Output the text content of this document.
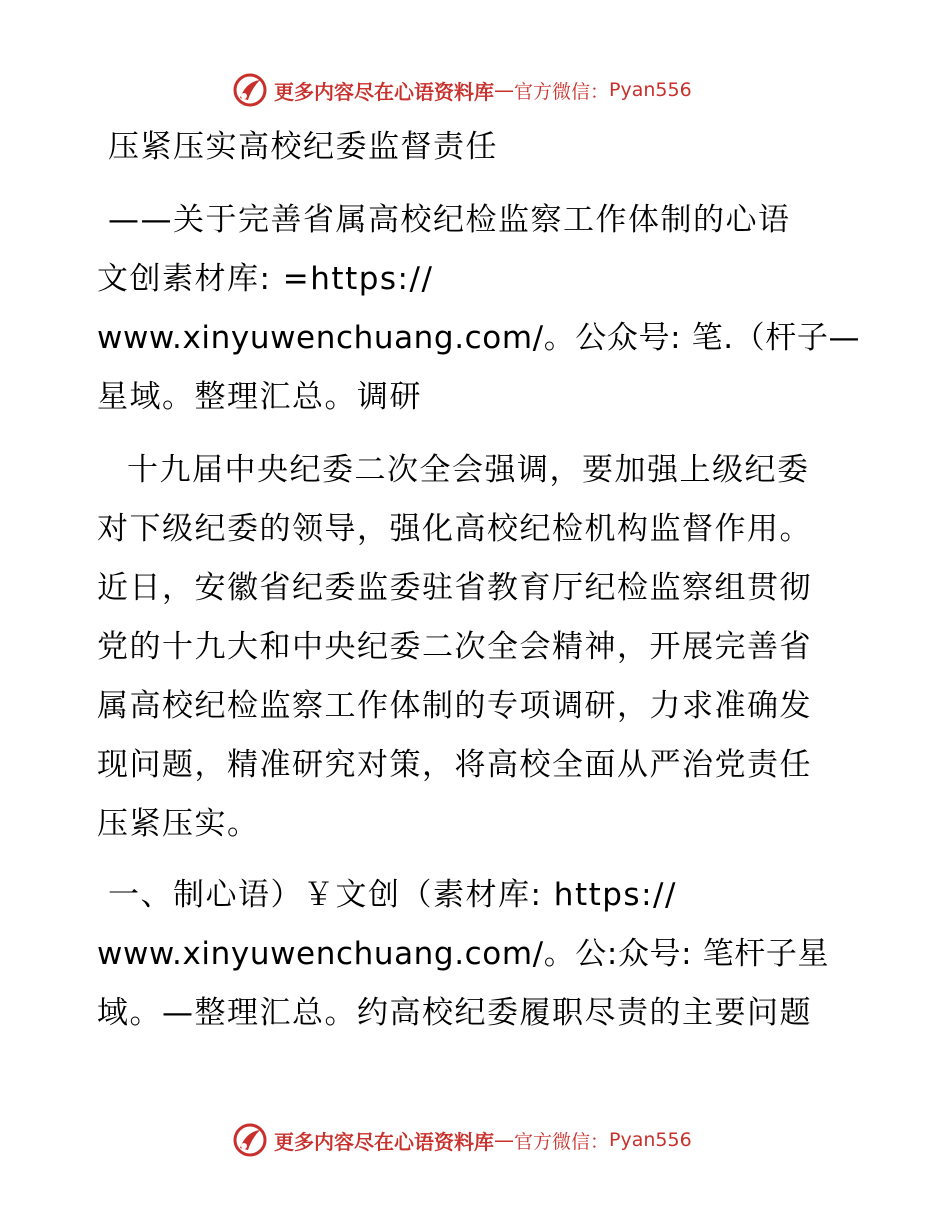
更多内容尽在心语资料库 — 官方微信： Pyan556
压紧压实高校纪委监督责任
——关于完善省属高校纪检监察工作体制的心语
文创素材库: =https://
www.xinyuwenchuang.com/。公众号: 笔.（杆子—
星域。整理汇总。调研
十九届中央纪委二次全会强调，要加强上级纪委
对下级纪委的领导，强化高校纪检机构监督作用。
近日，安徽省纪委监委驻省教育厅纪检监察组贯彻
党的十九大和中央纪委二次全会精神，开展完善省
属高校纪检监察工作体制的专项调研，力求准确发
现问题，精准研究对策，将高校全面从严治党责任
压紧压实。
一、制心语）￥文创（素材库: https://
www.xinyuwenchuang.com/。公:众号: 笔杆子星
域。—整理汇总。约高校纪委履职尽责的主要问题
更多内容尽在心语资料库 — 官方微信： Pyan556
